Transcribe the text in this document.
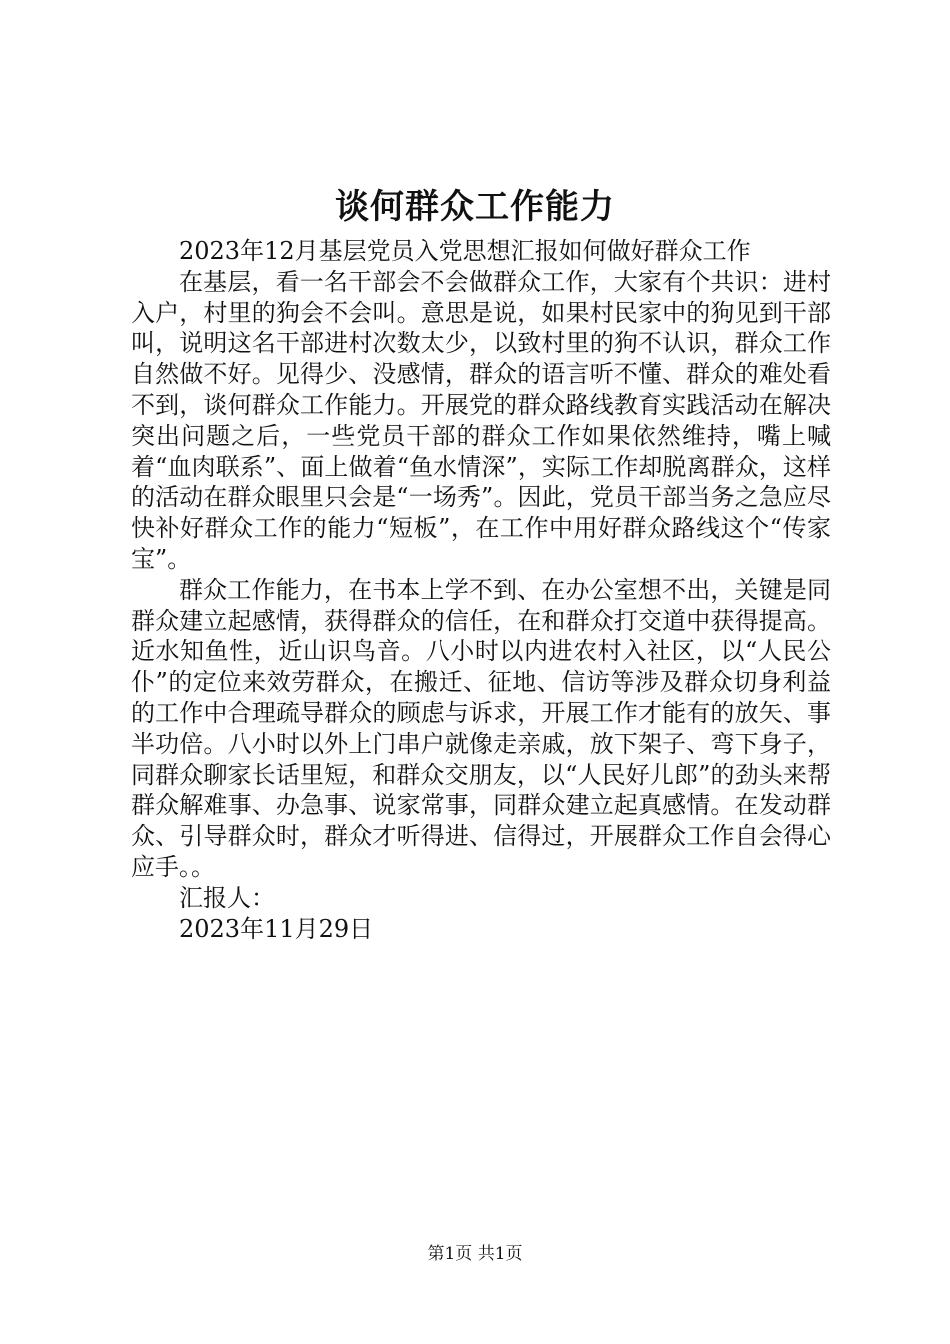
谈何群众工作能力

2023年12月基层党员入党思想汇报如何做好群众工作

在基层，看一名干部会不会做群众工作，大家有个共识：进村入户，村里的狗会不会叫。意思是说，如果村民家中的狗见到干部叫，说明这名干部进村次数太少，以致村里的狗不认识，群众工作自然做不好。见得少、没感情，群众的语言听不懂、群众的难处看不到，谈何群众工作能力。开展党的群众路线教育实践活动在解决突出问题之后，一些党员干部的群众工作如果依然维持，嘴上喊着“血肉联系”、面上做着“鱼水情深”，实际工作却脱离群众，这样的活动在群众眼里只会是“一场秀”。因此，党员干部当务之急应尽快补好群众工作的能力“短板”，在工作中用好群众路线这个“传家宝”。

群众工作能力，在书本上学不到、在办公室想不出，关键是同群众建立起感情，获得群众的信任，在和群众打交道中获得提高。近水知鱼性，近山识鸟音。八小时以内进农村入社区，以“人民公仆”的定位来效劳群众，在搬迁、征地、信访等涉及群众切身利益的工作中合理疏导群众的顾虑与诉求，开展工作才能有的放矢、事半功倍。八小时以外上门串户就像走亲戚，放下架子、弯下身子，同群众聊家长话里短，和群众交朋友，以“人民好儿郎”的劲头来帮群众解难事、办急事、说家常事，同群众建立起真感情。在发动群众、引导群众时，群众才听得进、信得过，开展群众工作自会得心应手。。

汇报人：

2023年11月29日

第1页 共1页
